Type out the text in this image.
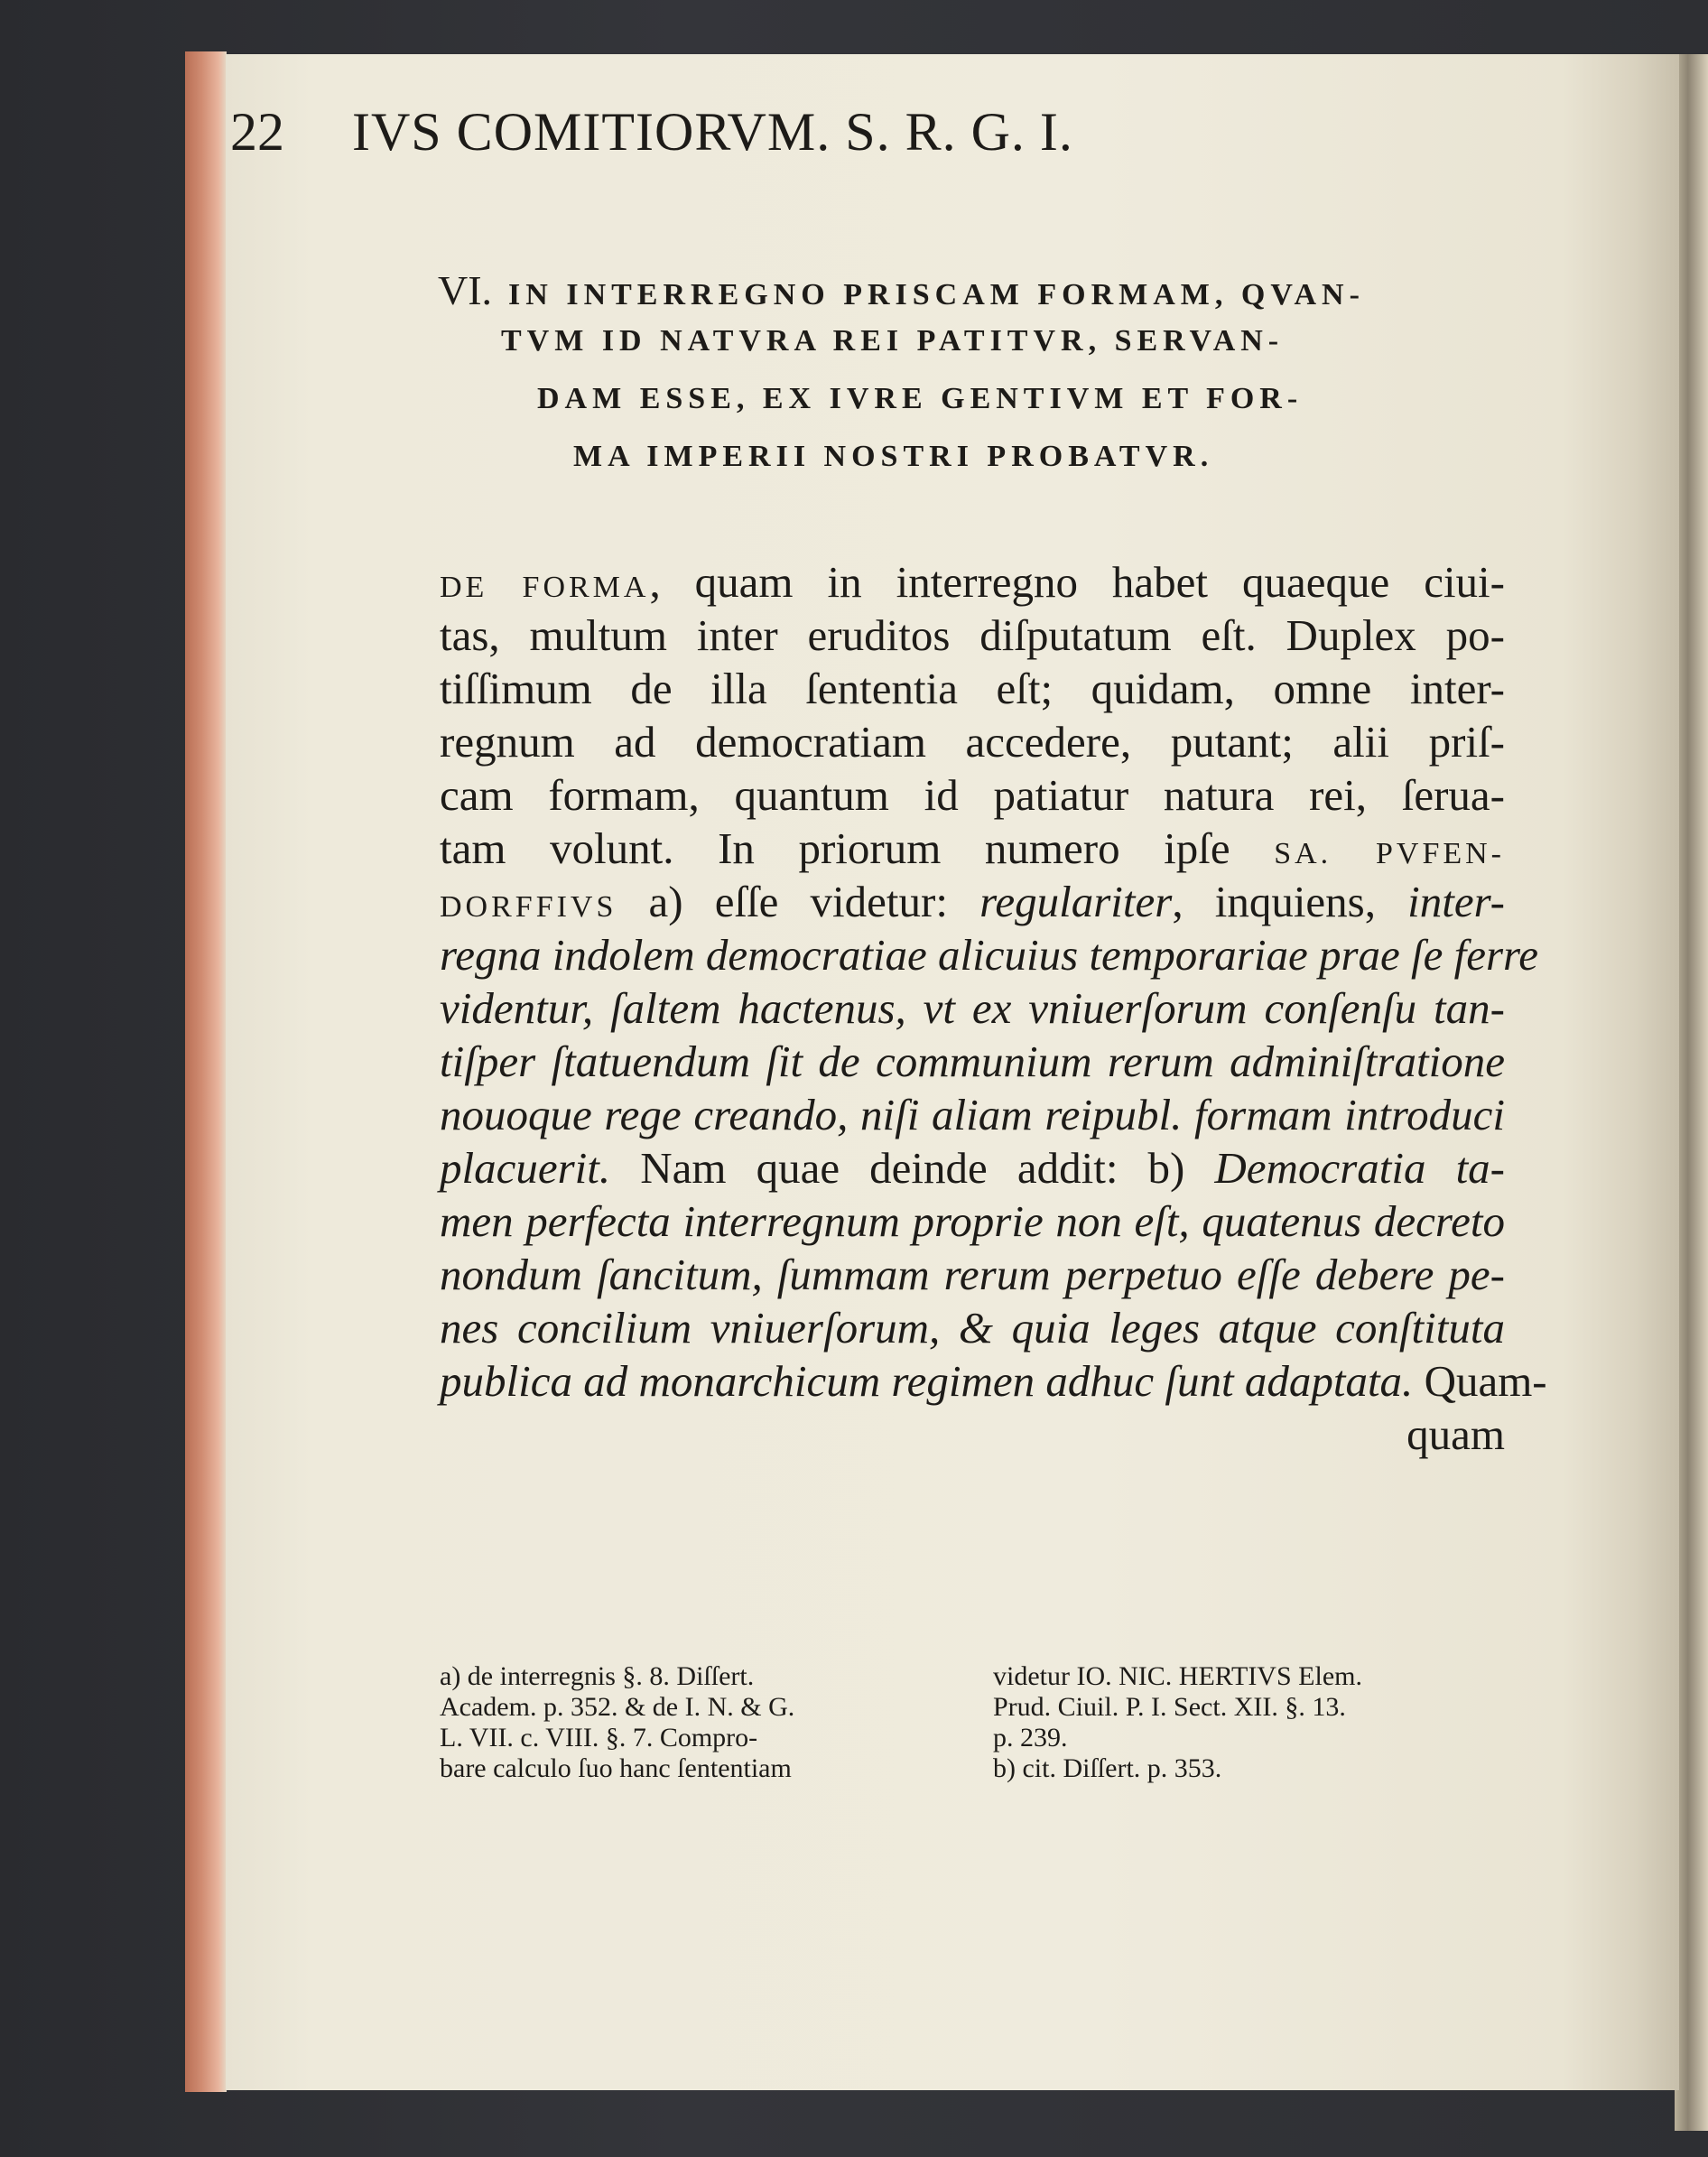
22 IVS COMITIORVM. S. R. G. I.
VI. IN INTERREGNO PRISCAM FORMAM, QVAN-
TVM ID NATVRA REI PATITVR, SERVAN-
DAM ESSE, EX IVRE GENTIVM ET FOR-
MA IMPERII NOSTRI PROBATVR.
DE FORMA, quam in interregno habet quaeque ciui-
tas, multum inter eruditos diſputatum eſt. Duplex po-
tiſſimum de illa ſententia eſt; quidam, omne inter-
regnum ad democratiam accedere, putant; alii priſ-
cam formam, quantum id patiatur natura rei, ſerua-
tam volunt. In priorum numero ipſe SA. PVFEN-
DORFFIVS a) eſſe videtur: regulariter, inquiens, inter-
regna indolem democratiae alicuius temporariae prae ſe ferre
videntur, ſaltem hactenus, vt ex vniuerſorum conſenſu tan-
tiſper ſtatuendum ſit de communium rerum adminiſtratione
nouoque rege creando, niſi aliam reipubl. formam introduci
placuerit. Nam quae deinde addit: b) Democratia ta-
men perfecta interregnum proprie non eſt, quatenus decreto
nondum ſancitum, ſummam rerum perpetuo eſſe debere pe-
nes concilium vniuerſorum, & quia leges atque conſtituta
publica ad monarchicum regimen adhuc ſunt adaptata. Quam-
quam
a) de interregnis §. 8. Diſſert.
Academ. p. 352. & de I. N. & G.
L. VII. c. VIII. §. 7. Compro-
bare calculo ſuo hanc ſententiam
videtur IO. NIC. HERTIVS Elem.
Prud. Ciuil. P. I. Sect. XII. §. 13.
p. 239.
b) cit. Diſſert. p. 353.
